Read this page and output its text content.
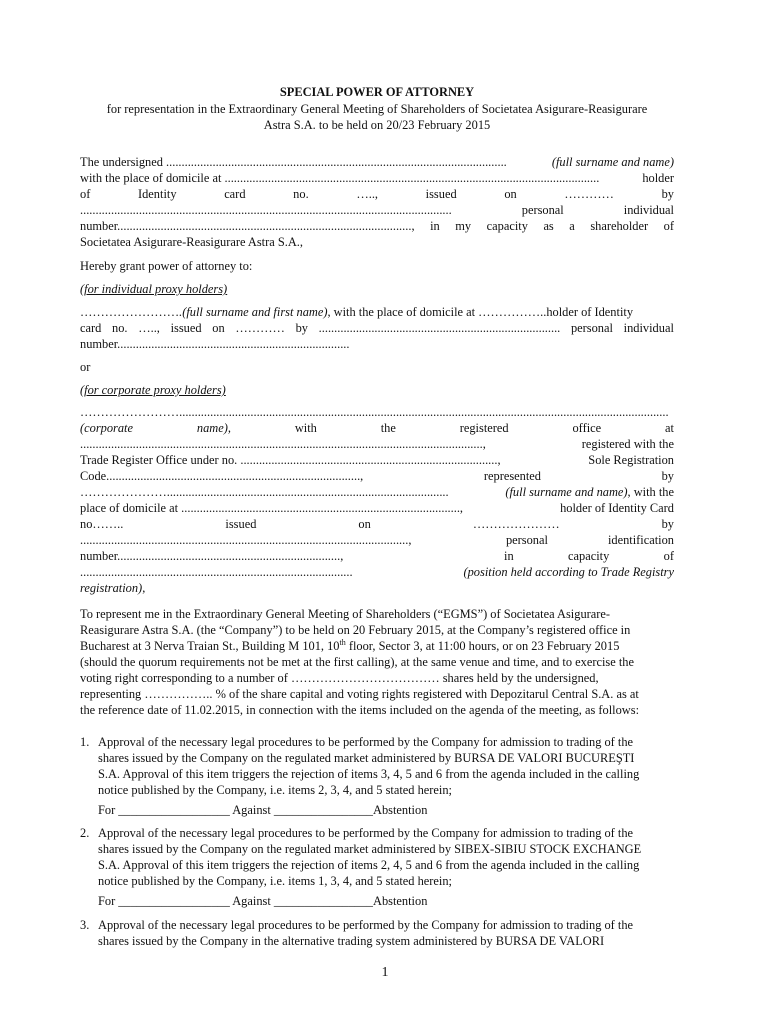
SPECIAL POWER OF ATTORNEY
for representation in the Extraordinary General Meeting of Shareholders of Societatea Asigurare-Reasigurare
Astra S.A. to be held on 20/23 February 2015
The undersigned ..............................................................................................................	(full surname and name)
with the place of domicile at .........................................................................................................................	holder
of	Identity	card	no.	…..,	issued	on	…………	by
........................................................................................................................	personal	individual
number..............................................................................................., in my capacity as a shareholder of
Societatea Asigurare-Reasigurare Astra S.A.,
Hereby grant power of attorney to:
(for individual proxy holders)
…………………….(full surname and first name), with the place of domicile at ……………..holder of Identity
card no. ….., issued on ………… by .............................................................................. personal individual
number...........................................................................
or
(for corporate proxy holders)
……………………..............................................................................................................................................................
(corporate	name),	with	the	registered	office	at
..................................................................................................................................,	registered with the
Trade Register Office under no. ...................................................................................,	Sole Registration
Code..................................................................................,	represented	by
…………………...........................................................................................	(full surname and name), with the
place of domicile at ..........................................................................................,	holder of Identity Card
no……..	issued	on	…………………	by
..........................................................................................................,	personal	identification
number........................................................................,	in	capacity	of
........................................................................................	(position held according to Trade Registry
registration),
To represent me in the Extraordinary General Meeting of Shareholders (“EGMS”) of Societatea Asigurare-
Reasigurare Astra S.A. (the “Company”) to be held on 20 February 2015, at the Company’s registered office in
Bucharest at 3 Nerva Traian St., Building M 101, 10th floor, Sector 3, at 11:00 hours, or on 23 February 2015
(should the quorum requirements not be met at the first calling), at the same venue and time, and to exercise the
voting right corresponding to a number of ……………………………… shares held by the undersigned,
representing …………….. % of the share capital and voting rights registered with Depozitarul Central S.A. as at
the reference date of 11.02.2015, in connection with the items included on the agenda of the meeting, as follows:
1. Approval of the necessary legal procedures to be performed by the Company for admission to trading of the
shares issued by the Company on the regulated market administered by BURSA DE VALORI BUCUREŞTI
S.A. Approval of this item triggers the rejection of items 3, 4, 5 and 6 from the agenda included in the calling
notice published by the Company, i.e. items 2, 3, 4, and 5 stated herein;
For __________________ Against ________________Abstention
2. Approval of the necessary legal procedures to be performed by the Company for admission to trading of the
shares issued by the Company on the regulated market administered by SIBEX-SIBIU STOCK EXCHANGE
S.A. Approval of this item triggers the rejection of items 2, 4, 5 and 6 from the agenda included in the calling
notice published by the Company, i.e. items 1, 3, 4, and 5 stated herein;
For __________________ Against ________________Abstention
3. Approval of the necessary legal procedures to be performed by the Company for admission to trading of the
shares issued by the Company in the alternative trading system administered by BURSA DE VALORI
1
